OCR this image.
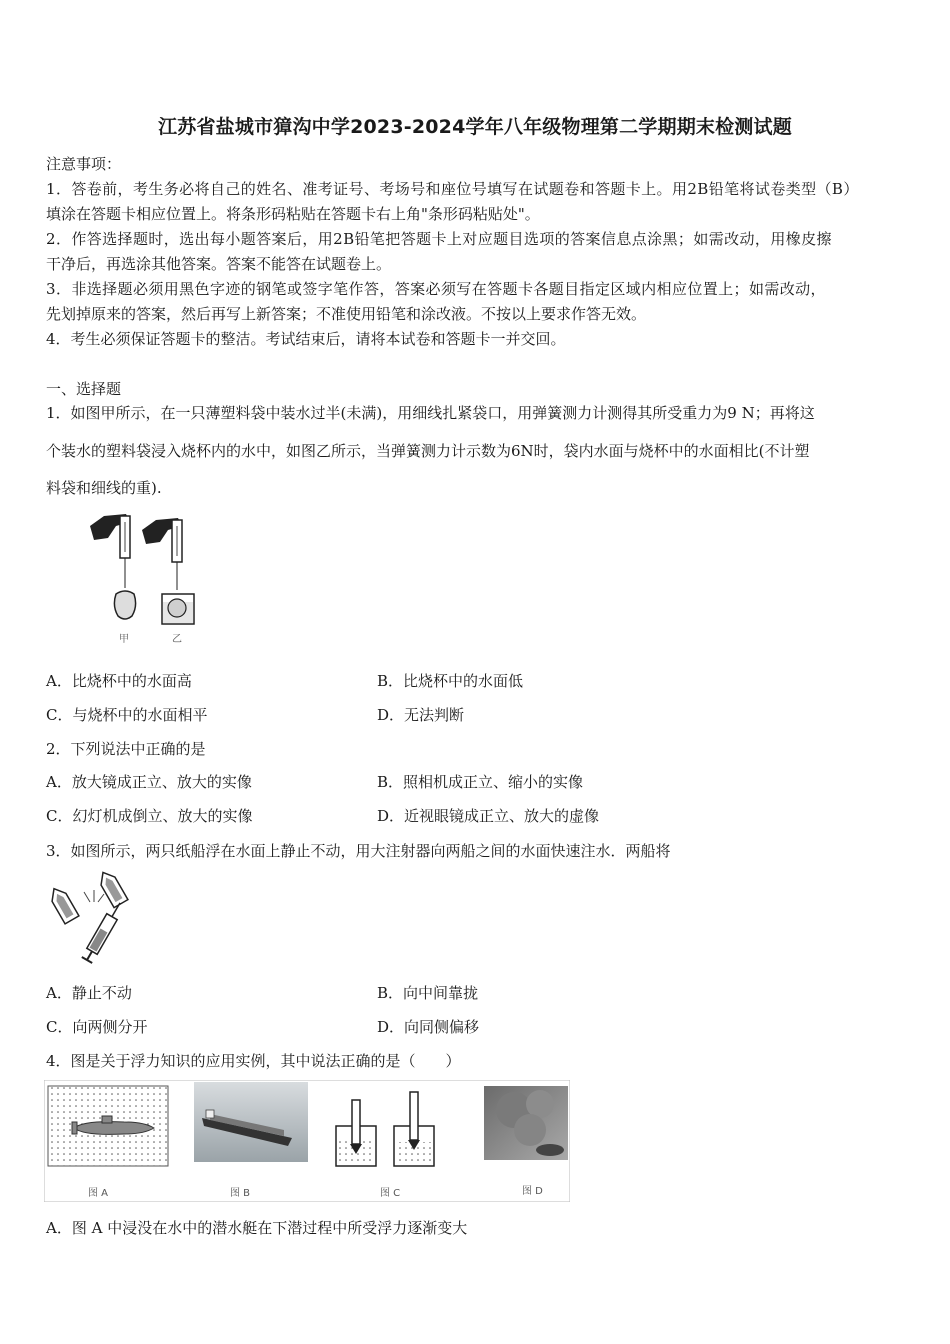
江苏省盐城市獐沟中学2023-2024学年八年级物理第二学期期末检测试题
注意事项：
1．答卷前，考生务必将自己的姓名、准考证号、考场号和座位号填写在试题卷和答题卡上。用2B铅笔将试卷类型（B）
填涂在答题卡相应位置上。将条形码粘贴在答题卡右上角"条形码粘贴处"。
2．作答选择题时，选出每小题答案后，用2B铅笔把答题卡上对应题目选项的答案信息点涂黑；如需改动，用橡皮擦
干净后，再选涂其他答案。答案不能答在试题卷上。
3．非选择题必须用黑色字迹的钢笔或签字笔作答，答案必须写在答题卡各题目指定区域内相应位置上；如需改动，
先划掉原来的答案，然后再写上新答案；不准使用铅笔和涂改液。不按以上要求作答无效。
4．考生必须保证答题卡的整洁。考试结束后，请将本试卷和答题卡一并交回。
一、选择题
1．如图甲所示，在一只薄塑料袋中装水过半(未满)，用细线扎紧袋口，用弹簧测力计测得其所受重力为9 N；再将这
个装水的塑料袋浸入烧杯内的水中，如图乙所示，当弹簧测力计示数为6N时，袋内水面与烧杯中的水面相比(不计塑
料袋和细线的重).
甲	乙
A．比烧杯中的水面高	B．比烧杯中的水面低
C．与烧杯中的水面相平	D．无法判断
2．下列说法中正确的是
A．放大镜成正立、放大的实像	B．照相机成正立、缩小的实像
C．幻灯机成倒立、放大的实像	D．近视眼镜成正立、放大的虚像
3．如图所示，两只纸船浮在水面上静止不动，用大注射器向两船之间的水面快速注水．两船将
A．静止不动	B．向中间靠拢
C．向两侧分开	D．向同侧偏移
4．图是关于浮力知识的应用实例，其中说法正确的是（　　）
图 A	图 B	图 C	图 D
A．图 A 中浸没在水中的潜水艇在下潜过程中所受浮力逐渐变大
